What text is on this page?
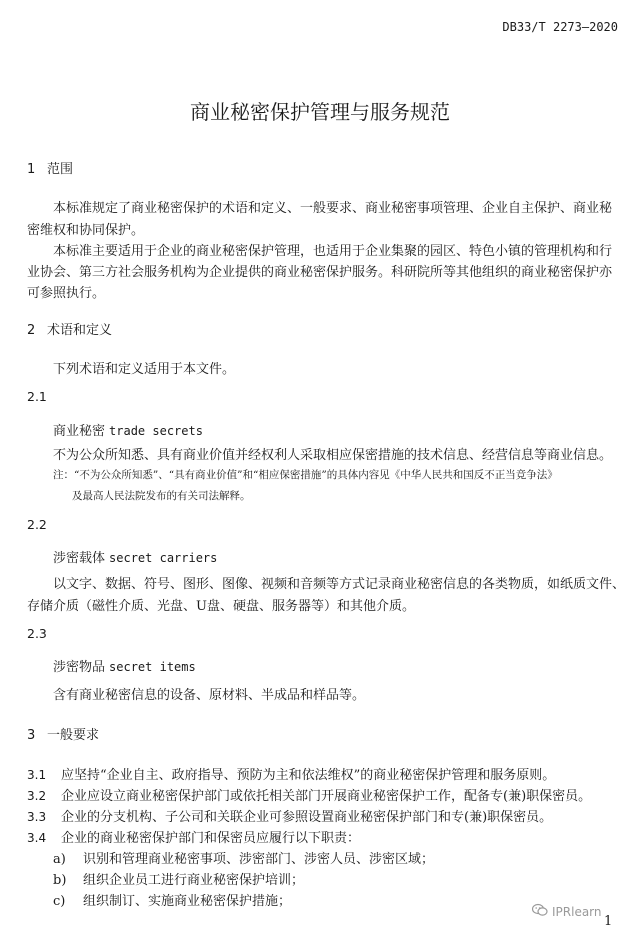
DB33/T 2273—2020
商业秘密保护管理与服务规范
1 范围
本标准规定了商业秘密保护的术语和定义、一般要求、商业秘密事项管理、企业自主保护、商业秘
密维权和协同保护。
本标准主要适用于企业的商业秘密保护管理，也适用于企业集聚的园区、特色小镇的管理机构和行
业协会、第三方社会服务机构为企业提供的商业秘密保护服务。科研院所等其他组织的商业秘密保护亦
可参照执行。
2 术语和定义
下列术语和定义适用于本文件。
2.1
商业秘密 trade secrets
不为公众所知悉、具有商业价值并经权利人采取相应保密措施的技术信息、经营信息等商业信息。
注：“不为公众所知悉”、“具有商业价值”和“相应保密措施”的具体内容见《中华人民共和国反不正当竞争法》
及最高人民法院发布的有关司法解释。
2.2
涉密载体 secret carriers
以文字、数据、符号、图形、图像、视频和音频等方式记录商业秘密信息的各类物质，如纸质文件、
存储介质（磁性介质、光盘、U盘、硬盘、服务器等）和其他介质。
2.3
涉密物品 secret items
含有商业秘密信息的设备、原材料、半成品和样品等。
3 一般要求
3.1 应坚持“企业自主、政府指导、预防为主和依法维权”的商业秘密保护管理和服务原则。
3.2 企业应设立商业秘密保护部门或依托相关部门开展商业秘密保护工作，配备专(兼)职保密员。
3.3 企业的分支机构、子公司和关联企业可参照设置商业秘密保护部门和专(兼)职保密员。
3.4 企业的商业秘密保护部门和保密员应履行以下职责：
a) 识别和管理商业秘密事项、涉密部门、涉密人员、涉密区域；
b) 组织企业员工进行商业秘密保护培训；
c) 组织制订、实施商业秘密保护措施；
IPRlearn
1
